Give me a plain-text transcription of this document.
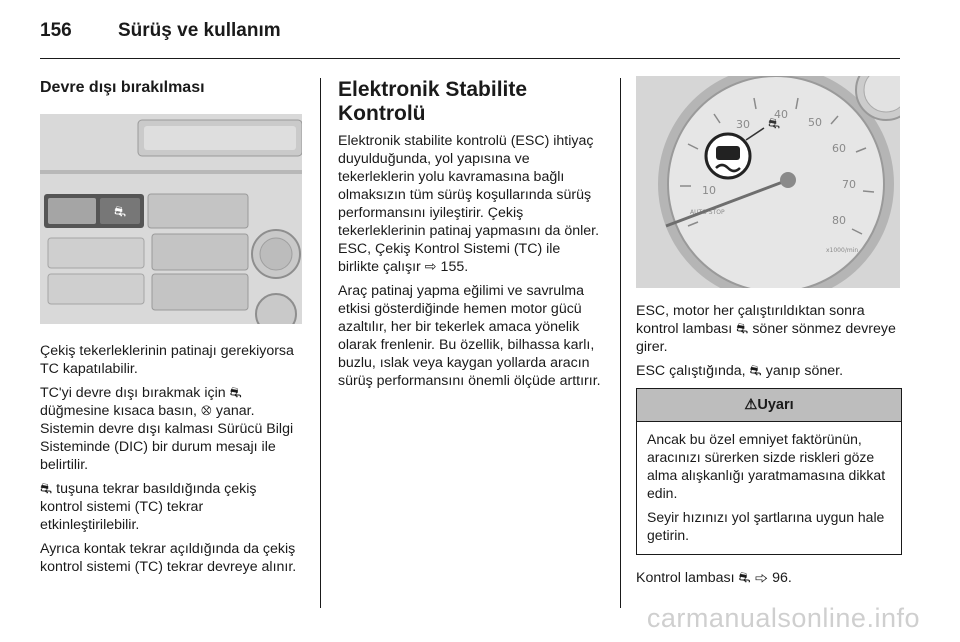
156	Sürüş ve kullanım
Devre dışı bırakılması
⛐

Çekiş tekerleklerinin patinajı gerekiyorsa TC kapatılabilir.

TC'yi devre dışı bırakmak için ⛐ düğmesine kısaca basın, ⛒ yanar. Sistemin devre dışı kalması Sürücü Bilgi Sisteminde (DIC) bir durum mesajı ile belirtilir.

⛐ tuşuna tekrar basıldığında çekiş kontrol sistemi (TC) tekrar etkinleştirilebilir.

Ayrıca kontak tekrar açıldığında da çekiş kontrol sistemi (TC) tekrar devreye alınır.

Elektronik Stabilite Kontrolü

Elektronik stabilite kontrolü (ESC) ihtiyaç duyulduğunda, yol yapısına ve tekerleklerin yolu kavramasına bağlı olmaksızın tüm sürüş koşullarında sürüş performansını iyileştirir. Çekiş tekerleklerinin patinaj yapmasını da önler. ESC, Çekiş Kontrol Sistemi (TC) ile birlikte çalışır ⇨ 155.

Araç patinaj yapma eğilimi ve savrulma etkisi gösterdiğinde hemen motor gücü azaltılır, her bir tekerlek amaca yönelik olarak frenlenir. Bu özellik, bilhassa karlı, buzlu, ıslak veya kaygan yollarda aracın sürüş performansını önemli ölçüde arttırır.

10
30
40
50
60
70
80
AUTO STOP
x1000/min
⛐

ESC, motor her çalıştırıldıktan sonra kontrol lambası ⛐ söner sönmez devreye girer.

ESC çalıştığında, ⛐ yanıp söner.

⚠Uyarı

Ancak bu özel emniyet faktörünün, aracınızı sürerken sizde riskleri göze alma alışkanlığı yaratmamasına dikkat edin.

Seyir hızınızı yol şartlarına uygun hale getirin.

Kontrol lambası ⛐ ⇨ 96.

carmanualsonline.info
